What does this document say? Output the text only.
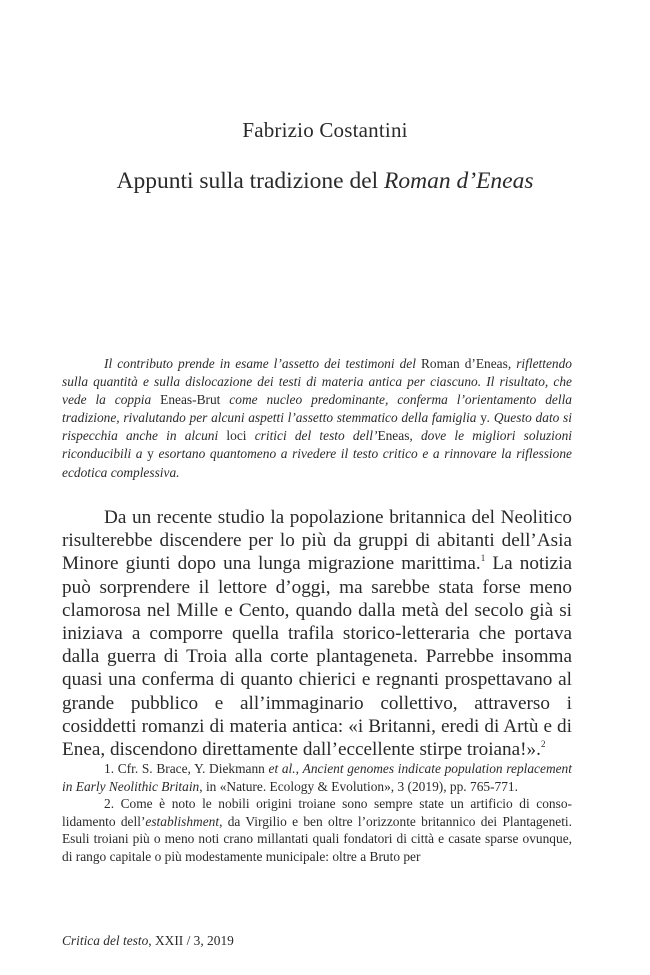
Fabrizio Costantini
Appunti sulla tradizione del Roman d’Eneas

Il contributo prende in esame l’assetto dei testimoni del Roman d’Eneas, riflettendo sulla quantità e sulla dislocazione dei testi di materia antica per ciascuno. Il risultato, che vede la coppia Eneas-Brut come nucleo predominante, conferma l’orientamento della tradizione, rivalutando per alcuni aspetti l’assetto stemmatico della famiglia y. Questo dato si rispecchia anche in alcuni loci critici del testo dell’Eneas, dove le migliori soluzioni riconducibili a y esortano quantomeno a rivedere il testo critico e a rinnovare la riflessione ecdotica complessiva.

Da un recente studio la popolazione britannica del Neolitico risulterebbe discendere per lo più da gruppi di abitanti dell’Asia Minore giunti dopo una lunga migrazione marittima.$^1$ La notizia può sorprendere il lettore d’oggi, ma sarebbe stata forse meno clamorosa nel Mille e Cento, quando dalla metà del secolo già si iniziava a comporre quella trafila storico-letteraria che portava dalla guerra di Troia alla corte plantageneta. Parrebbe insomma quasi una conferma di quanto chierici e regnanti prospettavano al grande pubblico e all’immaginario collettivo, attraverso i cosiddetti romanzi di materia antica: «i Britanni, eredi di Artù e di Enea, discendono direttamente dall’eccellente stirpe troiana!».$^2$

1. Cfr. S. Brace, Y. Diekmann et al., Ancient genomes indicate population replacement in Early Neolithic Britain, in «Nature. Ecology & Evolution», 3 (2019), pp. 765-771.

2. Come è noto le nobili origini troiane sono sempre state un artificio di consolidamento dell’establishment, da Virgilio e ben oltre l’orizzonte britannico dei Plantageneti. Esuli troiani più o meno noti crano millantati quali fondatori di città e casate sparse ovunque, di rango capitale o più modestamente municipale: oltre a Bruto per

Critica del testo, XXII / 3, 2019
